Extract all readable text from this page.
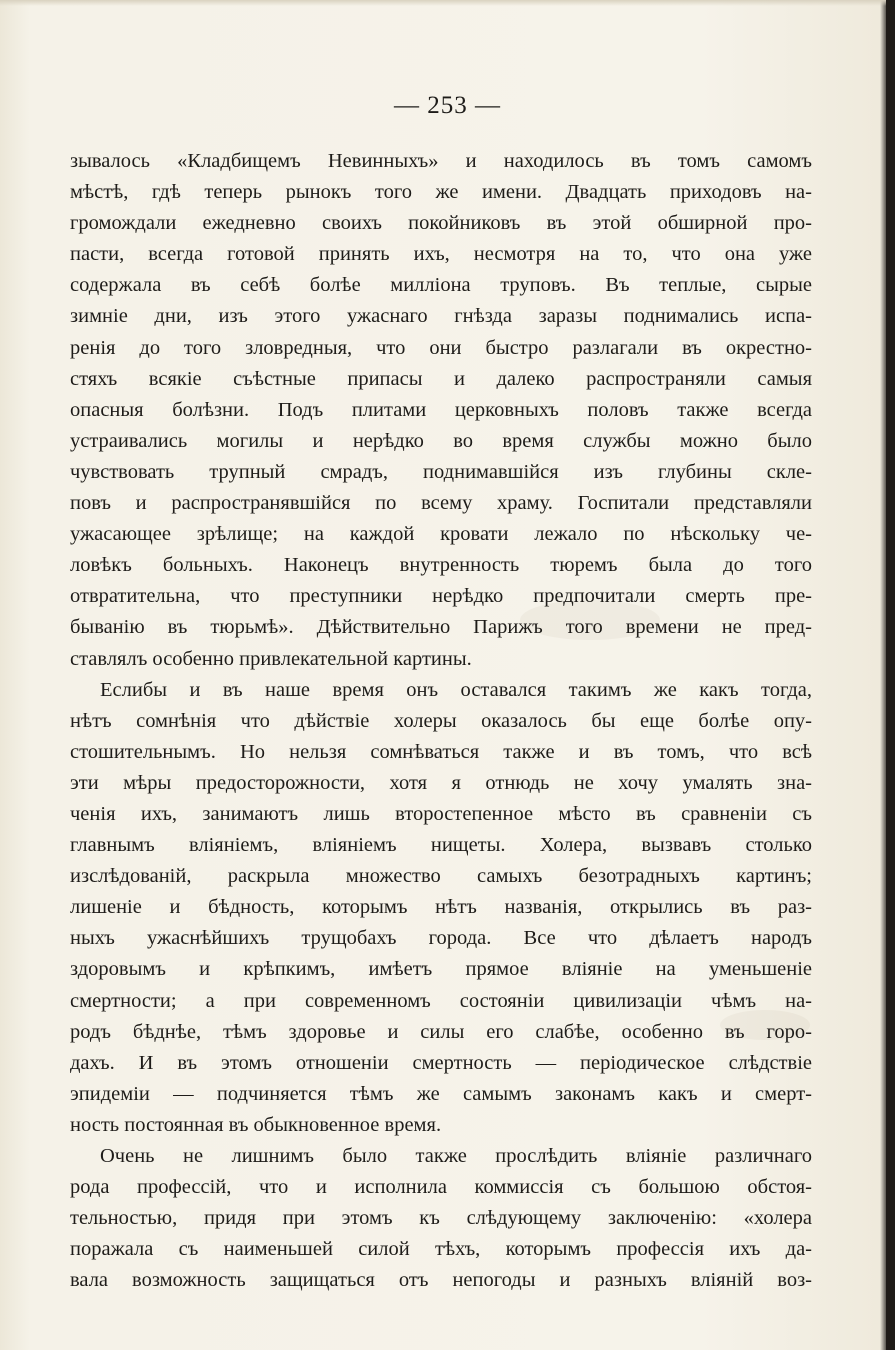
— 253 —
зывалось «Кладбищемъ Невинныхъ» и находилось въ томъ самомъ
мѣстѣ, гдѣ теперь рынокъ того же имени. Двадцать приходовъ на-
громождали ежедневно своихъ покойниковъ въ этой обширной про-
пасти, всегда готовой принять ихъ, несмотря на то, что она уже
содержала въ себѣ болѣе милліона труповъ. Въ теплые, сырые
зимніе дни, изъ этого ужаснаго гнѣзда заразы поднимались испа-
ренія до того зловредныя, что они быстро разлагали въ окрестно-
стяхъ всякіе съѣстные припасы и далеко распространяли самыя
опасныя болѣзни. Подъ плитами церковныхъ половъ также всегда
устраивались могилы и нерѣдко во время службы можно было
чувствовать трупный смрадъ, поднимавшійся изъ глубины скле-
повъ и распространявшійся по всему храму. Госпитали представляли
ужасающее зрѣлище; на каждой кровати лежало по нѣскольку че-
ловѣкъ больныхъ. Наконецъ внутренность тюремъ была до того
отвратительна, что преступники нерѣдко предпочитали смерть пре-
быванію въ тюрьмѣ». Дѣйствительно Парижъ того времени не пред-
ставлялъ особенно привлекательной картины.
Еслибы и въ наше время онъ оставался такимъ же какъ тогда,
нѣтъ сомнѣнія что дѣйствіе холеры оказалось бы еще болѣе опу-
стошительнымъ. Но нельзя сомнѣваться также и въ томъ, что всѣ
эти мѣры предосторожности, хотя я отнюдь не хочу умалять зна-
ченія ихъ, занимаютъ лишь второстепенное мѣсто въ сравненіи съ
главнымъ вліяніемъ, вліяніемъ нищеты. Холера, вызвавъ столько
изслѣдованій, раскрыла множество самыхъ безотрадныхъ картинъ;
лишеніе и бѣдность, которымъ нѣтъ названія, открылись въ раз-
ныхъ ужаснѣйшихъ трущобахъ города. Все что дѣлаетъ народъ
здоровымъ и крѣпкимъ, имѣетъ прямое вліяніе на уменьшеніе
смертности; а при современномъ состояніи цивилизаціи чѣмъ на-
родъ бѣднѣе, тѣмъ здоровье и силы его слабѣе, особенно въ горо-
дахъ. И въ этомъ отношеніи смертность — періодическое слѣдствіе
эпидеміи — подчиняется тѣмъ же самымъ законамъ какъ и смерт-
ность постоянная въ обыкновенное время.
Очень не лишнимъ было также прослѣдить вліяніе различнаго
рода профессій, что и исполнила коммиссія съ большою обстоя-
тельностью, придя при этомъ къ слѣдующему заключенію: «холера
поражала съ наименьшей силой тѣхъ, которымъ профессія ихъ да-
вала возможность защищаться отъ непогоды и разныхъ вліяній воз-
